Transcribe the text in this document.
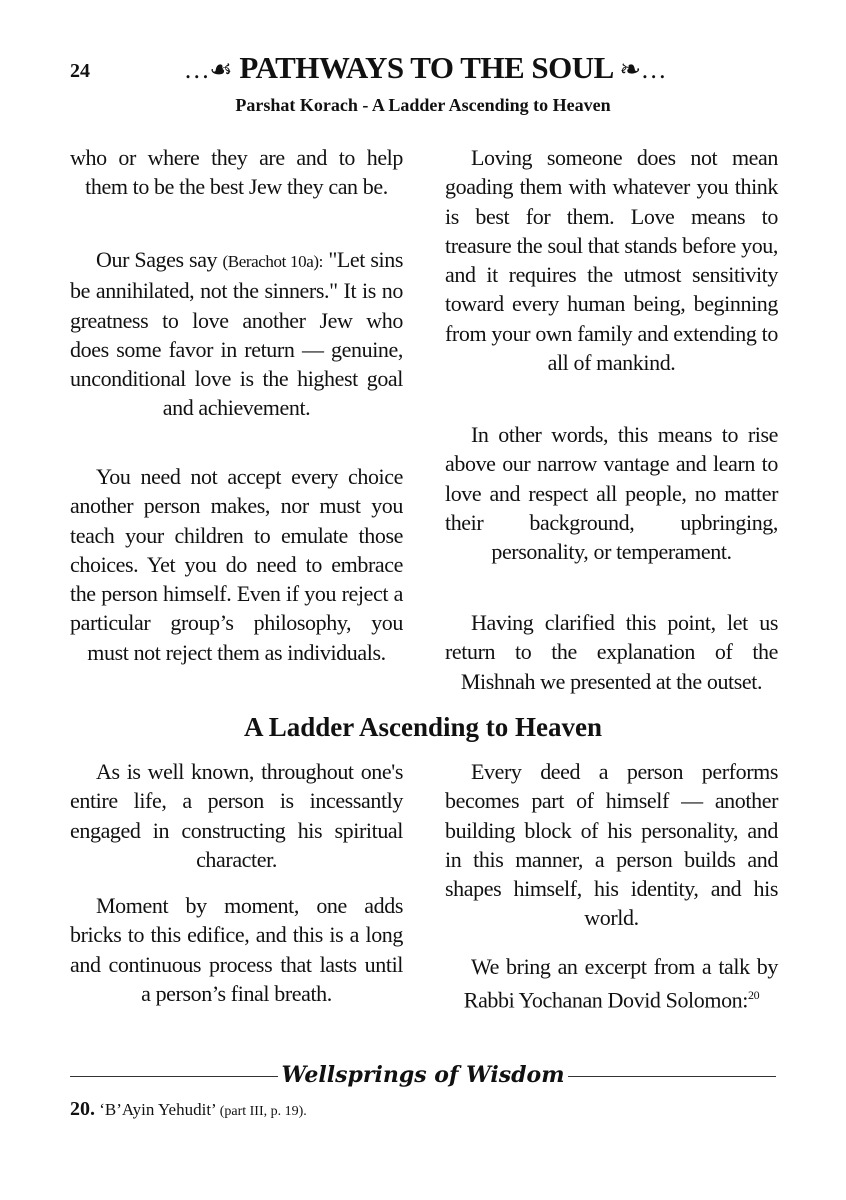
24	…☙ PATHWAYS TO THE SOUL ❧…
Parshat Korach - A Ladder Ascending to Heaven

who or where they are and to help them to be the best Jew they can be.

Our Sages say (Berachot 10a): "Let sins be annihilated, not the sinners." It is no greatness to love another Jew who does some favor in return — genuine, unconditional love is the highest goal and achievement.

You need not accept every choice another person makes, nor must you teach your children to emulate those choices. Yet you do need to embrace the person himself. Even if you reject a particular group’s philosophy, you must not reject them as individuals.

Loving someone does not mean goading them with whatever you think is best for them. Love means to treasure the soul that stands before you, and it requires the utmost sensitivity toward every human being, beginning from your own family and extending to all of mankind.

In other words, this means to rise above our narrow vantage and learn to love and respect all people, no matter their background, upbringing, personality, or temperament.

Having clarified this point, let us return to the explanation of the Mishnah we presented at the outset.

A Ladder Ascending to Heaven

As is well known, throughout one's entire life, a person is incessantly engaged in constructing his spiritual character.

Moment by moment, one adds bricks to this edifice, and this is a long and continuous process that lasts until a person’s final breath.

Every deed a person performs becomes part of himself — another building block of his personality, and in this manner, a person builds and shapes himself, his identity, and his world.

We bring an excerpt from a talk by Rabbi Yochanan Dovid Solomon:$^{20}$

Wellsprings of Wisdom
20. ‘B’Ayin Yehudit’ (part III, p. 19).
